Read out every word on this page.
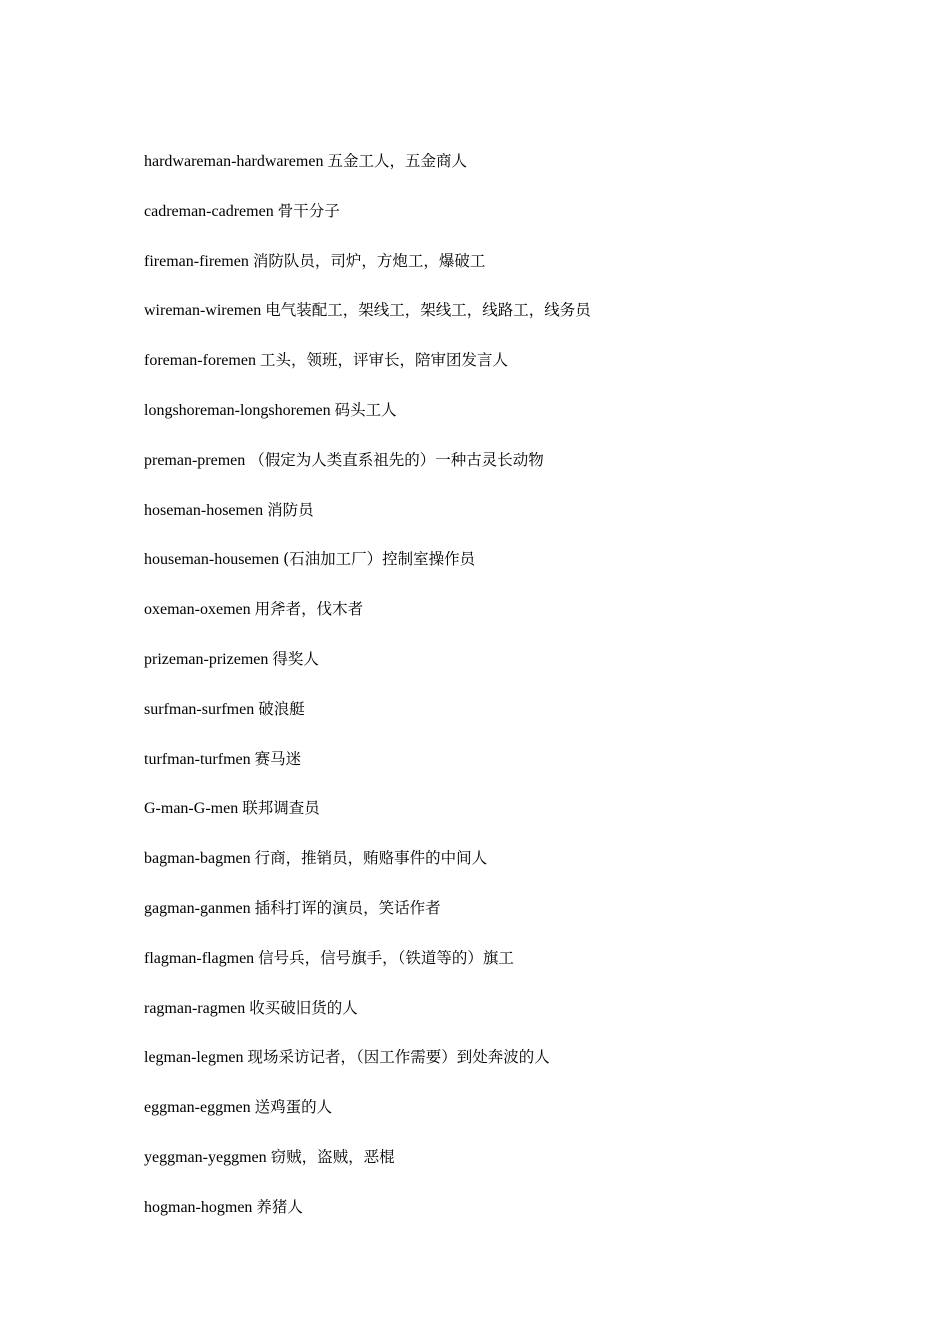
hardwareman-hardwaremen 五金工人，五金商人
cadreman-cadremen 骨干分子
fireman-firemen 消防队员，司炉，方炮工，爆破工
wireman-wiremen 电气装配工，架线工，架线工，线路工，线务员
foreman-foremen 工头，领班，评审长，陪审团发言人
longshoreman-longshoremen 码头工人
preman-premen （假定为人类直系祖先的）一种古灵长动物
hoseman-hosemen 消防员
houseman-housemen (石油加工厂）控制室操作员
oxeman-oxemen 用斧者，伐木者
prizeman-prizemen 得奖人
surfman-surfmen 破浪艇
turfman-turfmen 赛马迷
G-man-G-men 联邦调查员
bagman-bagmen 行商，推销员，贿赂事件的中间人
gagman-ganmen 插科打诨的演员，笑话作者
flagman-flagmen 信号兵，信号旗手，（铁道等的）旗工
ragman-ragmen 收买破旧货的人
legman-legmen 现场采访记者，（因工作需要）到处奔波的人
eggman-eggmen 送鸡蛋的人
yeggman-yeggmen 窃贼，盗贼，恶棍
hogman-hogmen 养猪人
